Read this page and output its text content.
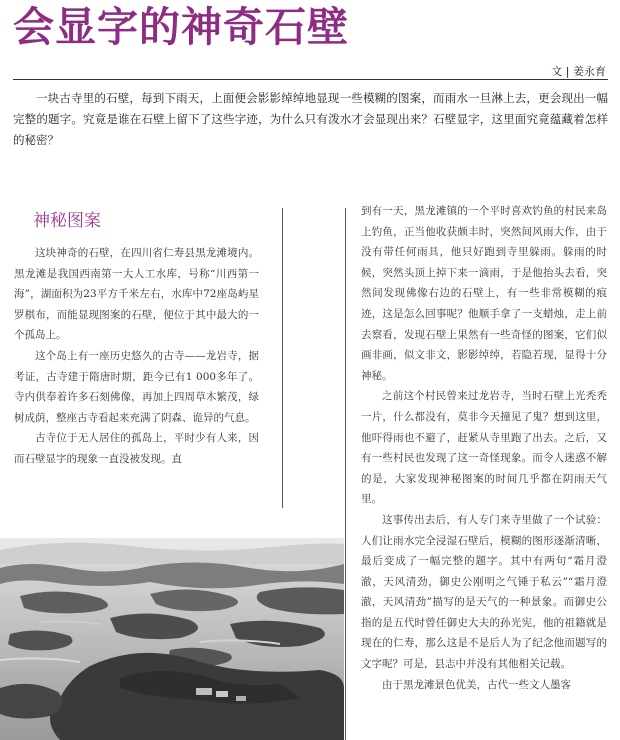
会显字的神奇石壁
文 | 姜永育

一块古寺里的石壁，每到下雨天，上面便会影影绰绰地显现一些模糊的图案，而雨水一旦淋上去，更会现出一幅完整的题字。究竟是谁在石壁上留下了这些字迹，为什么只有泼水才会显现出来？石壁显字，这里面究竟蕴藏着怎样的秘密？

神秘图案

这块神奇的石壁，在四川省仁寿县黑龙滩境内。黑龙滩是我国西南第一大人工水库，号称“川西第一海”，湖面积为23平方千米左右，水库中72座岛屿星罗棋布，而能显现图案的石壁，便位于其中最大的一个孤岛上。

这个岛上有一座历史悠久的古寺——龙岩寺，据考证，古寺建于隋唐时期，距今已有1 000多年了。寺内供奉着许多石刻佛像，再加上四周草木繁茂，绿树成荫，整座古寺看起来充满了阴森、诡异的气息。

古寺位于无人居住的孤岛上，平时少有人来，因而石壁显字的现象一直没被发现。直

到有一天，黑龙滩镇的一个平时喜欢钓鱼的村民来岛上钓鱼，正当他收获颇丰时，突然间风雨大作，由于没有带任何雨具，他只好跑到寺里躲雨。躲雨的时候，突然头顶上掉下来一滴雨，于是他抬头去看，突然间发现佛像右边的石壁上，有一些非常模糊的痕迹，这是怎么回事呢？他顺手拿了一支蜡烛，走上前去察看，发现石壁上果然有一些奇怪的图案，它们似画非画，似文非文，影影绰绰，若隐若现，显得十分神秘。

之前这个村民曾来过龙岩寺，当时石壁上光秃秃一片，什么都没有，莫非今天撞见了鬼？想到这里，他吓得雨也不避了，赶紧从寺里跑了出去。之后，又有一些村民也发现了这一奇怪现象。而令人迷惑不解的是，大家发现神秘图案的时间几乎都在阴雨天气里。

这事传出去后，有人专门来寺里做了一个试验：人们让雨水完全浸湿石壁后，模糊的图形逐渐清晰，最后变成了一幅完整的题字。其中有两句“霜月澄澈，天风清劲，御史公刚明之气锤于私云”“霜月澄澈，天风清劲”描写的是天气的一种景象。而御史公指的是五代时曾任御史大夫的孙光宪，他的祖籍就是现在的仁寿，那么这是不是后人为了纪念他而题写的文字呢？可是，县志中并没有其他相关记载。

由于黑龙滩景色优美，古代一些文人墨客
